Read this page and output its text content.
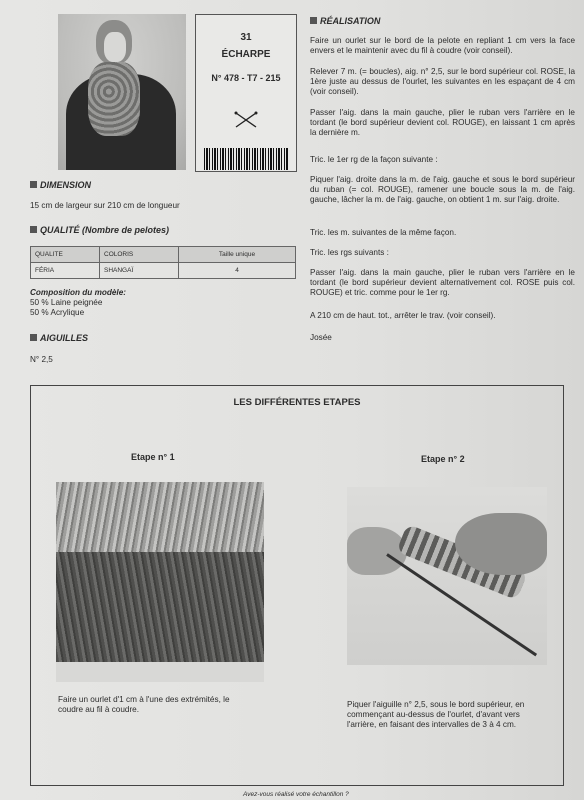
31
ÉCHARPE
N° 478 - T7 - 215
DIMENSION
15 cm de largeur sur 210 cm de longueur
QUALITÉ (Nombre de pelotes)
QUALITE	COLORIS	Taille unique
FÉRIA	SHANGAÏ	4
Composition du modèle:
50 % Laine peignée
50 % Acrylique
AIGUILLES
N° 2,5
RÉALISATION
Faire un ourlet sur le bord de la pelote en repliant 1 cm vers la face envers et le maintenir avec du fil à coudre (voir conseil).
Relever 7 m. (= boucles), aig. n° 2,5, sur le bord supérieur col. ROSE, la 1ère juste au dessus de l'ourlet, les suivantes en les espaçant de 4 cm (voir conseil).
Passer l'aig. dans la main gauche, plier le ruban vers l'arrière en le tordant (le bord supérieur devient col. ROUGE), en laissant 1 cm après la dernière m.
Tric. le 1er rg de la façon suivante :
Piquer l'aig. droite dans la m. de l'aig. gauche et sous le bord supérieur du ruban (= col. ROUGE), ramener une boucle sous la m. de l'aig. gauche, lâcher la m. de l'aig. gauche, on obtient 1 m. sur l'aig. droite.
Tric. les m. suivantes de la même façon.
Tric. les rgs suivants :
Passer l'aig. dans la main gauche, plier le ruban vers l'arrière en le tordant (le bord supérieur devient alternativement col. ROSE puis col. ROUGE) et tric. comme pour le 1er rg.
A 210 cm de haut. tot., arrêter le trav. (voir conseil).
Josée
LES DIFFÉRENTES ETAPES
Etape n° 1	Etape n° 2
Faire un ourlet d'1 cm à l'une des extrémités, le
coudre au fil à coudre.
Piquer l'aiguille n° 2,5, sous le bord supérieur, en
commençant au-dessus de l'ourlet, d'avant vers
l'arrière, en faisant des intervalles de 3 à 4 cm.
Avez-vous réalisé votre échantillon ?
